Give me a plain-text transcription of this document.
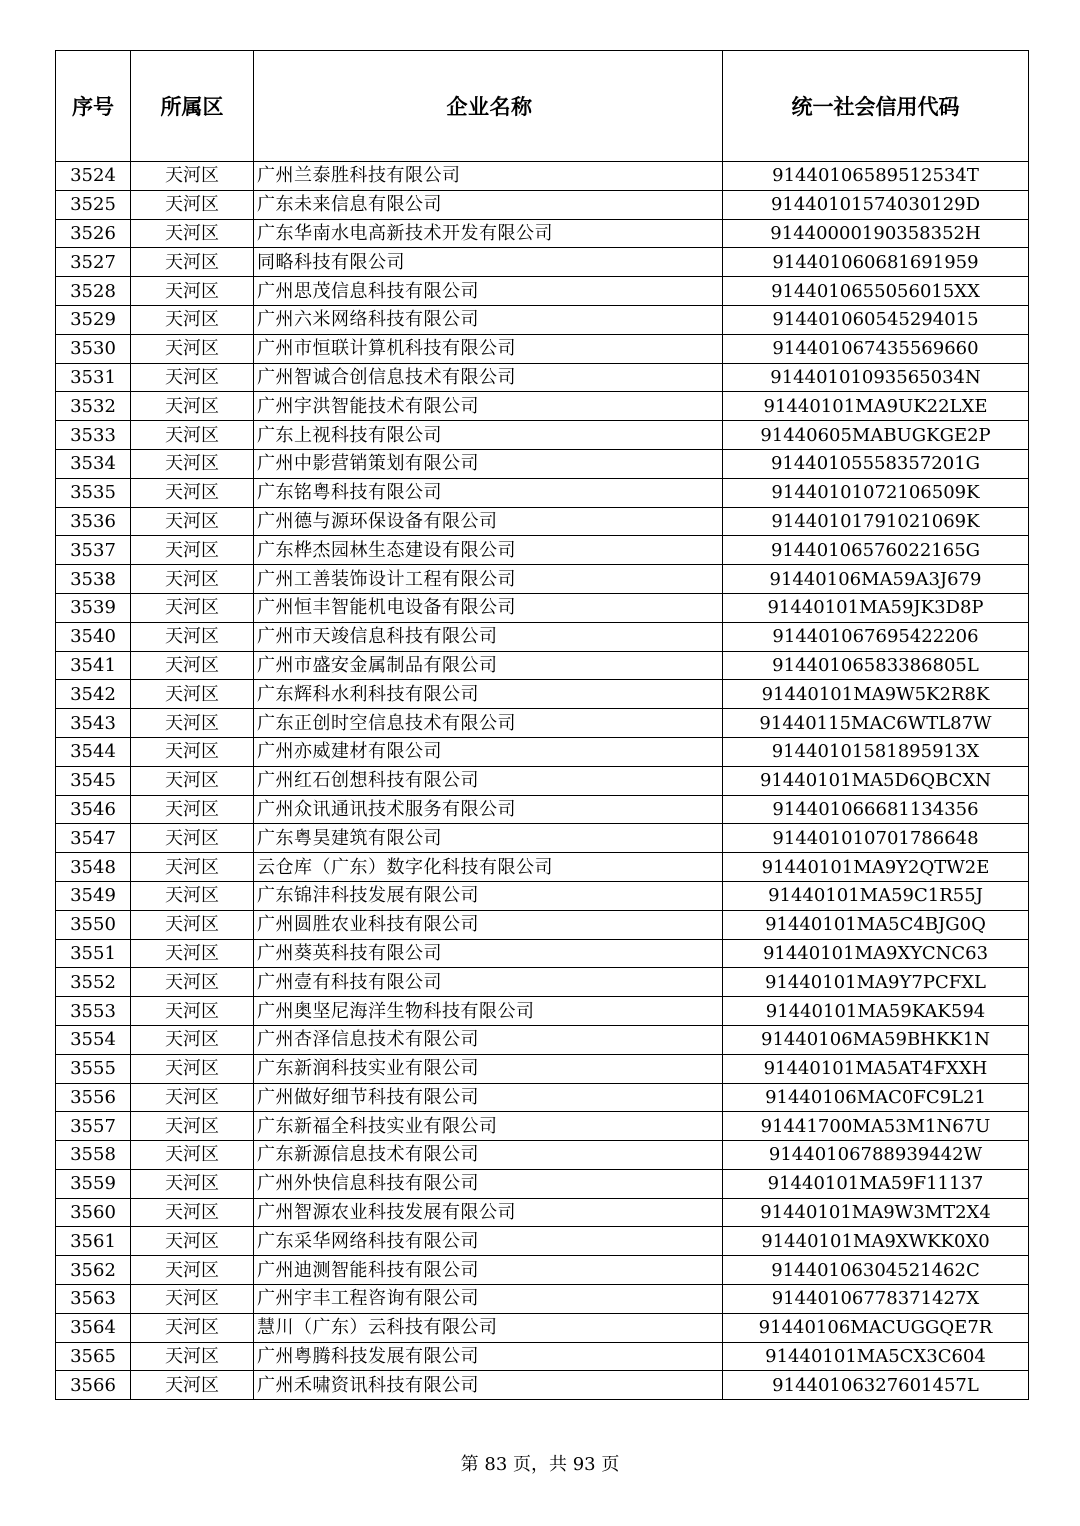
序号	所属区	企业名称	统一社会信用代码
3524	天河区	广州兰泰胜科技有限公司	9144010658951253​4T
3525	天河区	广东未来信息有限公司	91440101574030129D
3526	天河区	广东华南水电高新技术开发有限公司	91440000190358352H
3527	天河区	同略科技有限公司	914401060681691959
3528	天河区	广州思茂信息科技有限公司	9144010655056015XX
3529	天河区	广州六米网络科技有限公司	914401060545294015
3530	天河区	广州市恒联计算机科技有限公司	914401067435569660
3531	天河区	广州智诚合创信息技术有限公司	91440101093565034N
3532	天河区	广州宇洪智能技术有限公司	91440101MA9UK22LXE
3533	天河区	广东上视科技有限公司	91440605MABUGKGE2P
3534	天河区	广州中影营销策划有限公司	91440105558357201G
3535	天河区	广东铭粤科技有限公司	91440101072106509K
3536	天河区	广州德与源环保设备有限公司	91440101791021069K
3537	天河区	广东桦杰园林生态建设有限公司	91440106576022165G
3538	天河区	广州工善装饰设计工程有限公司	91440106MA59A3J679
3539	天河区	广州恒丰智能机电设备有限公司	91440101MA59JK3D8P
3540	天河区	广州市天竣信息科技有限公司	914401067695422206
3541	天河区	广州市盛安金属制品有限公司	91440106583386805L
3542	天河区	广东辉科水利科技有限公司	91440101MA9W5K2R8K
3543	天河区	广东正创时空信息技术有限公司	91440115MAC6WTL87W
3544	天河区	广州亦威建材有限公司	91440101581895913X
3545	天河区	广州红石创想科技有限公司	91440101MA5D6QBCXN
3546	天河区	广州众讯通讯技术服务有限公司	914401066681134356
3547	天河区	广东粤昊建筑有限公司	914401010701786648
3548	天河区	云仓库（广东）数字化科技有限公司	91440101MA9Y2QTW2E
3549	天河区	广东锦沣科技发展有限公司	91440101MA59C1R55J
3550	天河区	广州圆胜农业科技有限公司	91440101MA5C4BJG0Q
3551	天河区	广州葵英科技有限公司	91440101MA9XYCNC63
3552	天河区	广州壹有科技有限公司	91440101MA9Y7PCFXL
3553	天河区	广州奥坚尼海洋生物科技有限公司	91440101MA59KAK594
3554	天河区	广州杏泽信息技术有限公司	91440106MA59BHKK1N
3555	天河区	广东新润科技实业有限公司	91440101MA5AT4FXXH
3556	天河区	广州做好细节科技有限公司	91440106MAC0FC9L21
3557	天河区	广东新福全科技实业有限公司	91441700MA53M1N67U
3558	天河区	广东新源信息技术有限公司	91440106788939442W
3559	天河区	广州外快信息科技有限公司	91440101MA59F11137
3560	天河区	广州智源农业科技发展有限公司	91440101MA9W3MT2X4
3561	天河区	广东采华网络科技有限公司	91440101MA9XWKK0X0
3562	天河区	广州迪测智能科技有限公司	91440106304521462C
3563	天河区	广州宇丰工程咨询有限公司	91440106778371427X
3564	天河区	慧川（广东）云科技有限公司	91440106MACUGGQE7R
3565	天河区	广州粤腾科技发展有限公司	91440101MA5CX3C604
3566	天河区	广州禾啸资讯科技有限公司	91440106327601457L
第 83 页，共 93 页
